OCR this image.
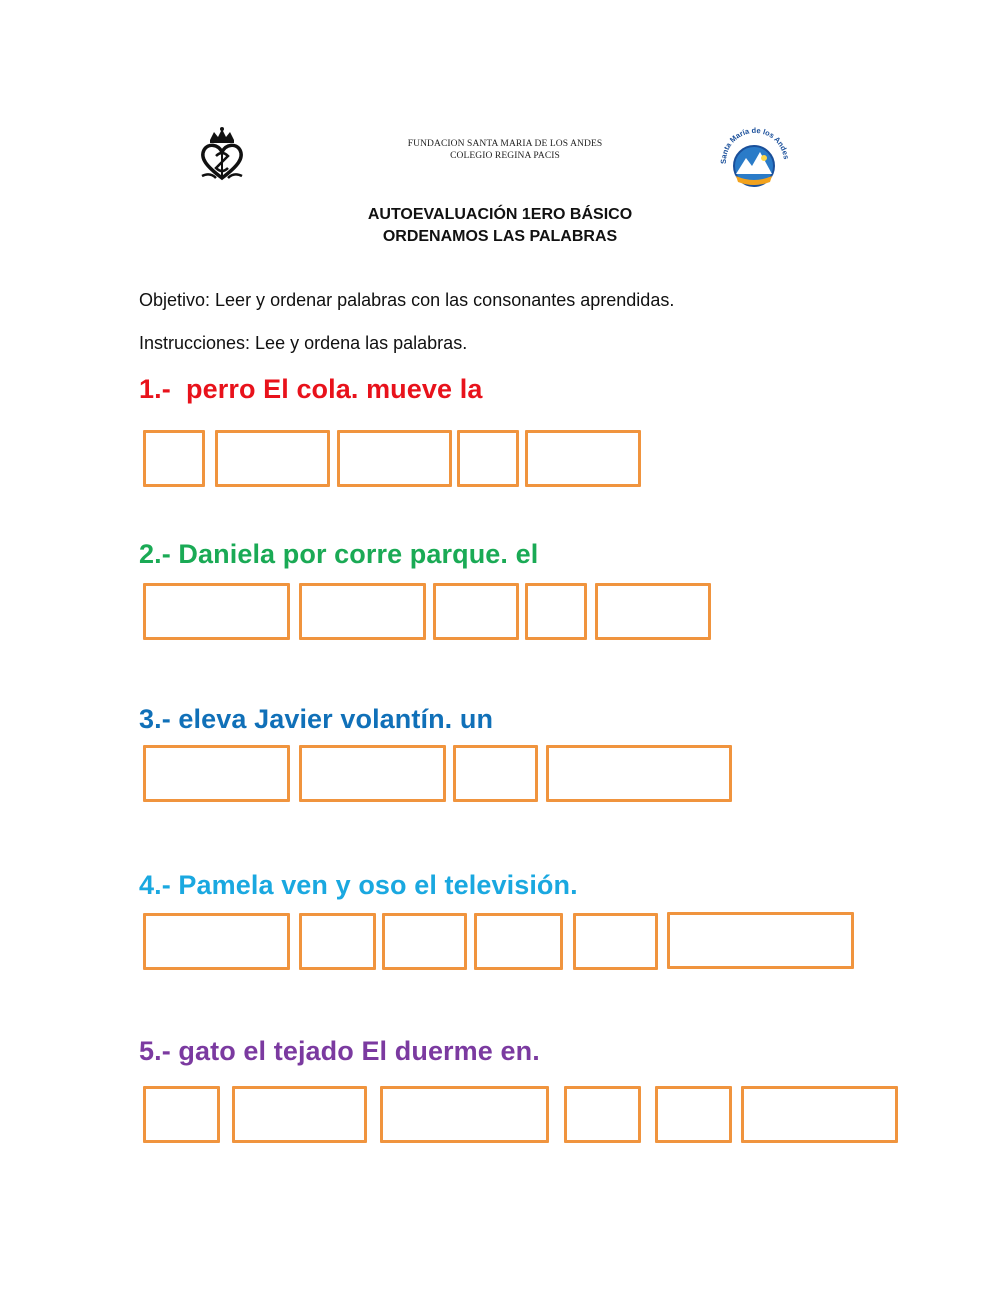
FUNDACION SANTA MARIA DE LOS ANDES
COLEGIO REGINA PACIS
Santa María de los Andes
AUTOEVALUACIÓN 1ERO BÁSICO
ORDENAMOS LAS PALABRAS
Objetivo: Leer y ordenar palabras con las consonantes aprendidas.
Instrucciones: Lee y ordena las palabras.
1.- perro El cola. mueve la
2.- Daniela por corre parque. el
3.- eleva Javier volantín. un
4.- Pamela ven y oso el televisión.
5.- gato el tejado El duerme en.
